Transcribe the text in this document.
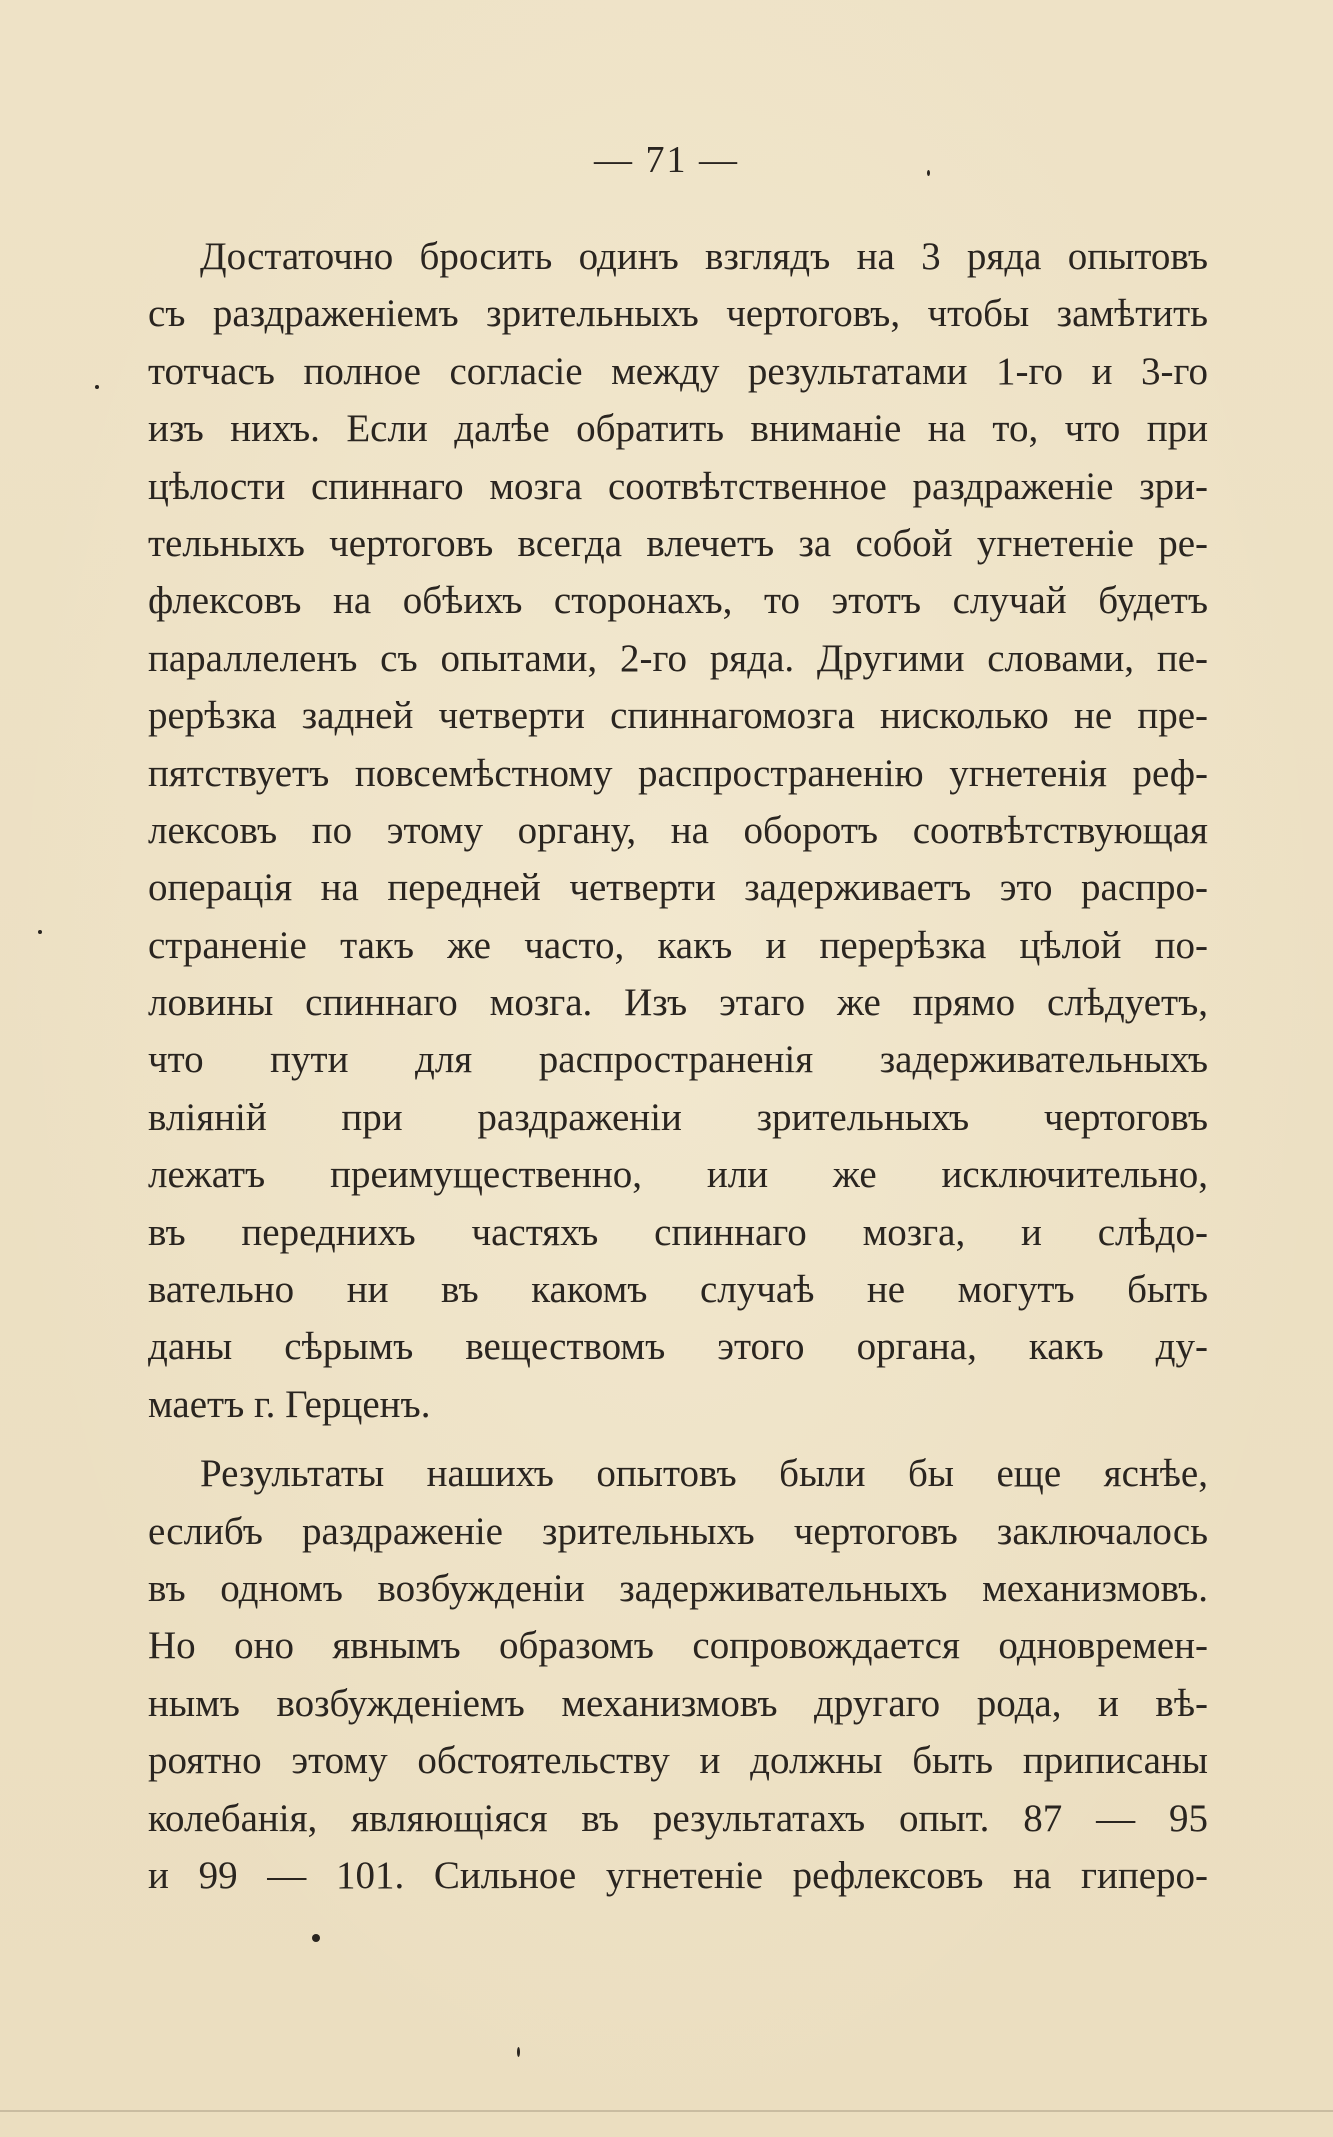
— 71 —
Достаточно бросить одинъ взглядъ на 3 ряда опытовъ
съ раздраженіемъ зрительныхъ чертоговъ, чтобы замѣтить
тотчасъ полное согласіе между результатами 1-го и 3-го
изъ нихъ. Если далѣе обратить вниманіе на то, что при
цѣлости спиннаго мозга соотвѣтственное раздраженіе зри-
тельныхъ чертоговъ всегда влечетъ за собой угнетеніе ре-
флексовъ на обѣихъ сторонахъ, то этотъ случай будетъ
параллеленъ съ опытами, 2-го ряда. Другими словами, пе-
рерѣзка задней четверти спиннагомозга нисколько не пре-
пятствуетъ повсемѣстному распространенію угнетенія реф-
лексовъ по этому органу, на оборотъ соотвѣтствующая
операція на передней четверти задерживаетъ это распро-
страненіе такъ же часто, какъ и перерѣзка цѣлой по-
ловины спиннаго мозга. Изъ этаго же прямо слѣдуетъ,
что пути для распространенія задерживательныхъ
вліяній при раздраженіи зрительныхъ чертоговъ
лежатъ преимущественно, или же исключительно,
въ переднихъ частяхъ спиннаго мозга, и слѣдо-
вательно ни въ какомъ случаѣ не могутъ быть
даны сѣрымъ веществомъ этого органа, какъ ду-
маетъ г. Герценъ.
Результаты нашихъ опытовъ были бы еще яснѣе,
еслибъ раздраженіе зрительныхъ чертоговъ заключалось
въ одномъ возбужденіи задерживательныхъ механизмовъ.
Но оно явнымъ образомъ сопровождается одновремен-
нымъ возбужденіемъ механизмовъ другаго рода, и вѣ-
роятно этому обстоятельству и должны быть приписаны
колебанія, являющіяся въ результатахъ опыт. 87 — 95
и 99 — 101. Сильное угнетеніе рефлексовъ на гиперо-
